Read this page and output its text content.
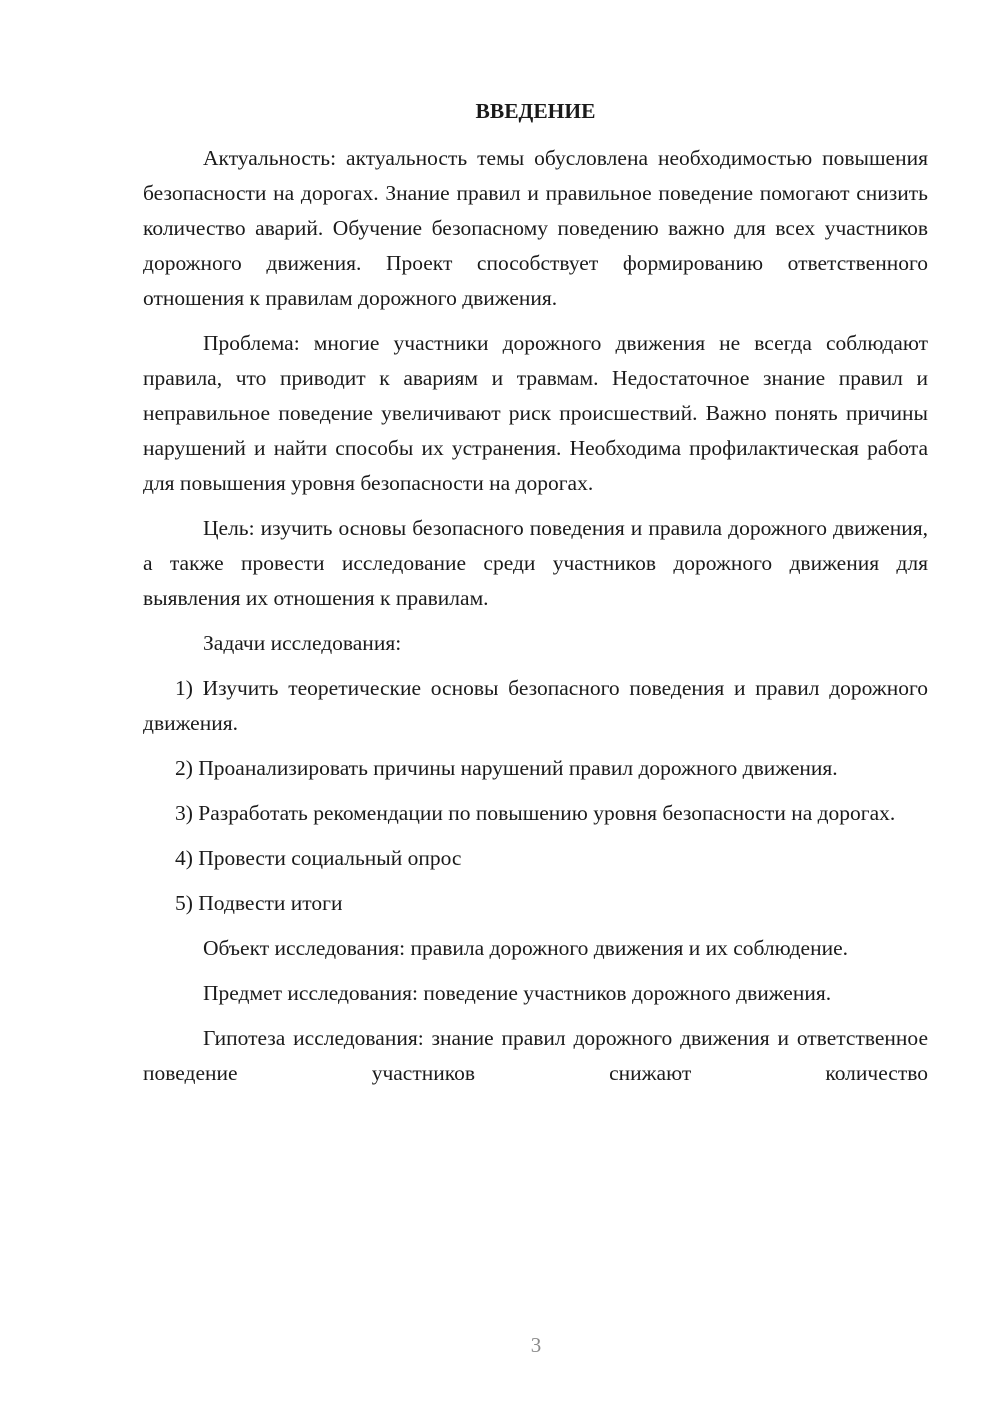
ВВЕДЕНИЕ

Актуальность: актуальность темы обусловлена необходимостью повышения безопасности на дорогах. Знание правил и правильное поведение помогают снизить количество аварий. Обучение безопасному поведению важно для всех участников дорожного движения. Проект способствует формированию ответственного отношения к правилам дорожного движения.

Проблема: многие участники дорожного движения не всегда соблюдают правила, что приводит к авариям и травмам. Недостаточное знание правил и неправильное поведение увеличивают риск происшествий. Важно понять причины нарушений и найти способы их устранения. Необходима профилактическая работа для повышения уровня безопасности на дорогах.

Цель: изучить основы безопасного поведения и правила дорожного движения, а также провести исследование среди участников дорожного движения для выявления их отношения к правилам.

Задачи исследования:

1) Изучить теоретические основы безопасного поведения и правил дорожного движения.

2) Проанализировать причины нарушений правил дорожного движения.

3) Разработать рекомендации по повышению уровня безопасности на дорогах.

4) Провести социальный опрос

5) Подвести итоги

Объект исследования: правила дорожного движения и их соблюдение.

Предмет исследования: поведение участников дорожного движения.

Гипотеза исследования: знание правил дорожного движения и ответственное поведение участников снижают количество

3
